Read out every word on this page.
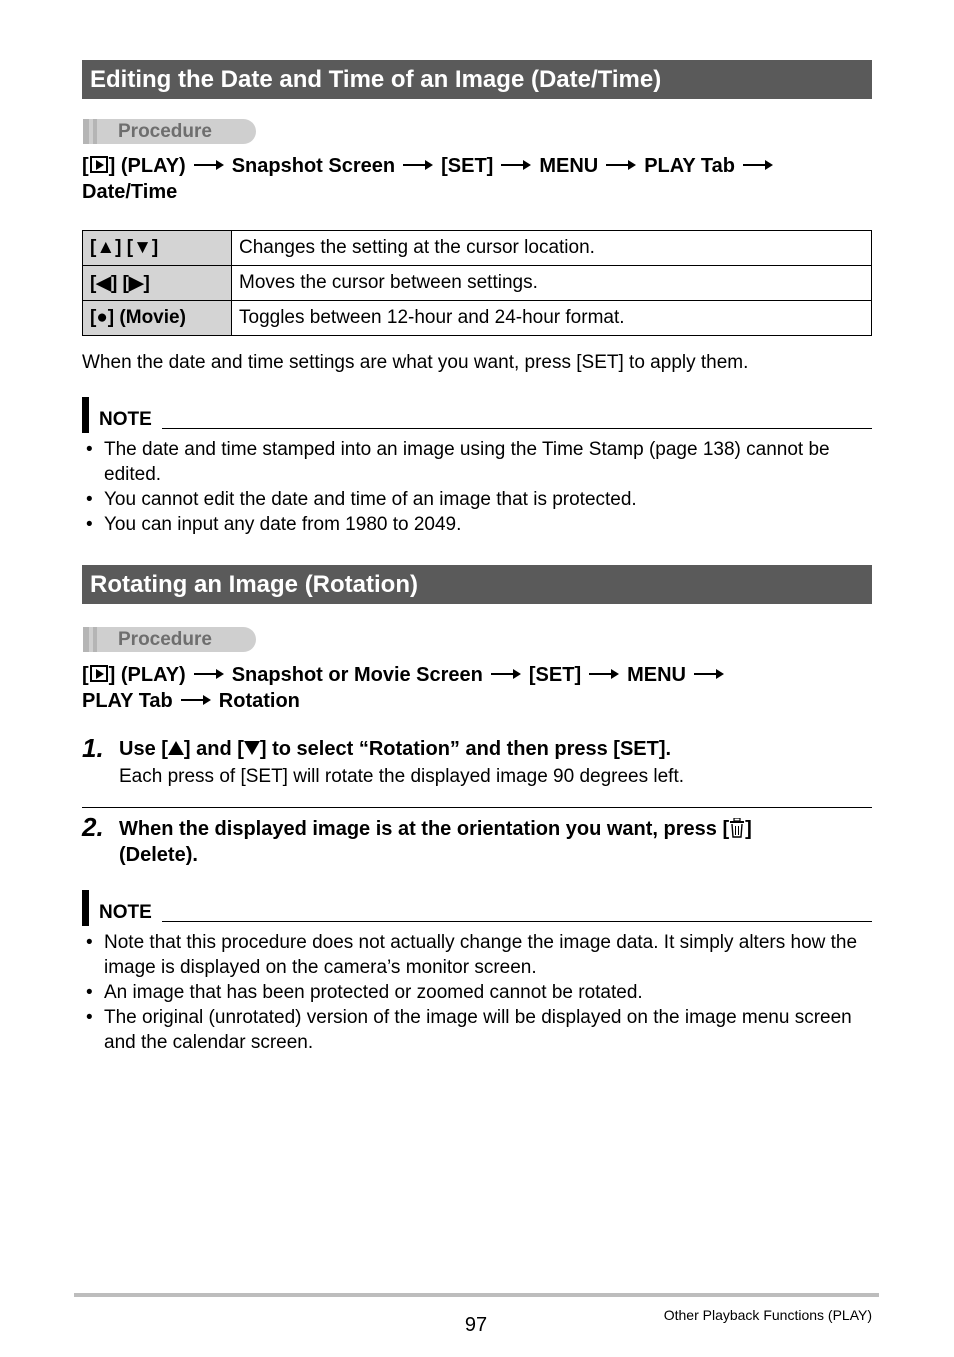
Editing the Date and Time of an Image (Date/Time)
Procedure
[ ] (PLAY) Snapshot Screen [SET] MENU PLAY Tab
Date/Time
[▲] [▼]	Changes the setting at the cursor location.
[◀] [▶]	Moves the cursor between settings.
[●] (Movie)	Toggles between 12-hour and 24-hour format.
When the date and time settings are what you want, press [SET] to apply them.
NOTE
• The date and time stamped into an image using the Time Stamp (page 138) cannot be edited.
• You cannot edit the date and time of an image that is protected.
• You can input any date from 1980 to 2049.
Rotating an Image (Rotation)
Procedure
[ ] (PLAY) Snapshot or Movie Screen [SET] MENU
PLAY Tab Rotation
1. Use [ ] and [ ] to select “Rotation” and then press [SET].
Each press of [SET] will rotate the displayed image 90 degrees left.
2. When the displayed image is at the orientation you want, press [ ]
(Delete).
NOTE
• Note that this procedure does not actually change the image data. It simply alters how the image is displayed on the camera’s monitor screen.
• An image that has been protected or zoomed cannot be rotated.
• The original (unrotated) version of the image will be displayed on the image menu screen and the calendar screen.
97	Other Playback Functions (PLAY)
